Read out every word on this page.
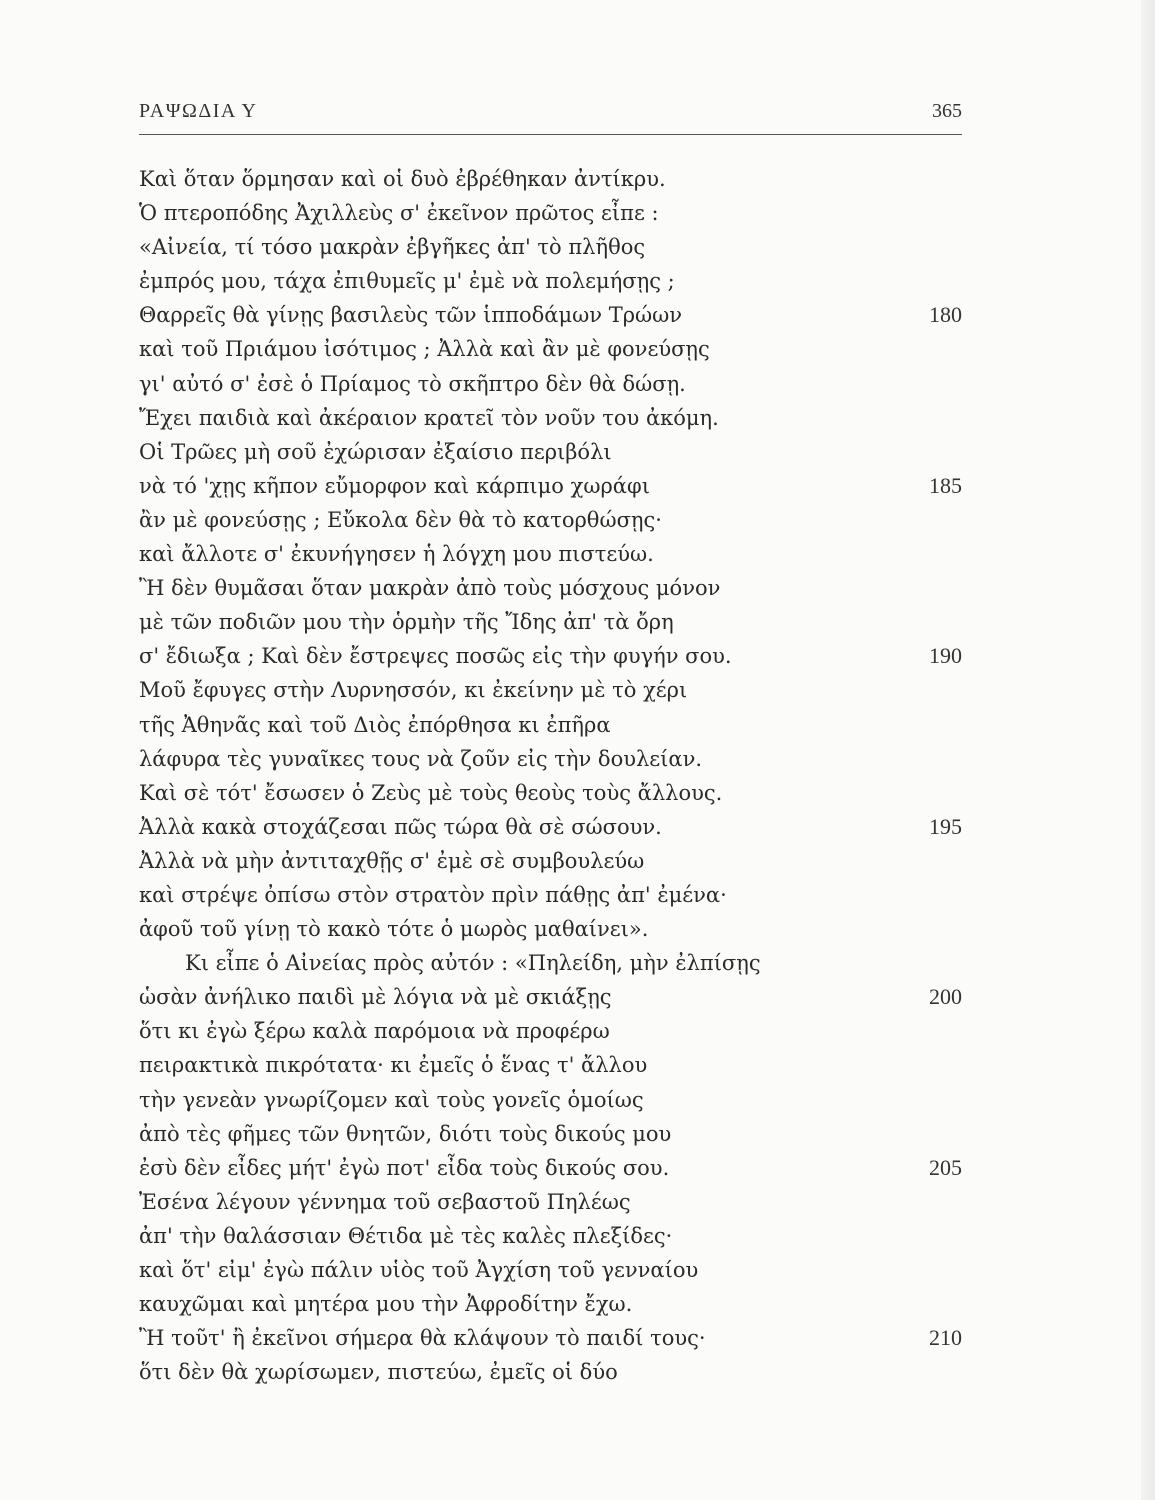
ΡΑΨΩΔΙΑ Υ	365
Καὶ ὅταν ὅρμησαν καὶ οἱ δυὸ ἐβρέθηκαν ἀντίκρυ.
Ὁ πτεροπόδης Ἀχιλλεὺς σ' ἐκεῖνον πρῶτος εἶπε :
«Αἰνεία, τί τόσο μακρὰν ἐβγῆκες ἀπ' τὸ πλῆθος
ἐμπρός μου, τάχα ἐπιθυμεῖς μ' ἐμὲ νὰ πολεμήσῃς ;
Θαρρεῖς θὰ γίνῃς βασιλεὺς τῶν ἱπποδάμων Τρώων	180
καὶ τοῦ Πριάμου ἰσότιμος ; Ἀλλὰ καὶ ἂν μὲ φονεύσῃς
γι' αὐτό σ' ἐσὲ ὁ Πρίαμος τὸ σκῆπτρο δὲν θὰ δώσῃ.
Ἔχει παιδιὰ καὶ ἀκέραιον κρατεῖ τὸν νοῦν του ἀκόμη.
Οἱ Τρῶες μὴ σοῦ ἐχώρισαν ἐξαίσιο περιβόλι
νὰ τό 'χῃς κῆπον εὔμορφον καὶ κάρπιμο χωράφι	185
ἂν μὲ φονεύσῃς ; Εὔκολα δὲν θὰ τὸ κατορθώσῃς·
καὶ ἄλλοτε σ' ἐκυνήγησεν ἡ λόγχη μου πιστεύω.
Ἢ δὲν θυμᾶσαι ὅταν μακρὰν ἀπὸ τοὺς μόσχους μόνον
μὲ τῶν ποδιῶν μου τὴν ὁρμὴν τῆς Ἴδης ἀπ' τὰ ὄρη
σ' ἔδιωξα ; Καὶ δὲν ἔστρεψες ποσῶς εἰς τὴν φυγήν σου.	190
Μοῦ ἔφυγες στὴν Λυρνησσόν, κι ἐκείνην μὲ τὸ χέρι
τῆς Ἀθηνᾶς καὶ τοῦ Διὸς ἐπόρθησα κι ἐπῆρα
λάφυρα τὲς γυναῖκες τους νὰ ζοῦν εἰς τὴν δουλείαν.
Καὶ σὲ τότ' ἔσωσεν ὁ Ζεὺς μὲ τοὺς θεοὺς τοὺς ἄλλους.
Ἀλλὰ κακὰ στοχάζεσαι πῶς τώρα θὰ σὲ σώσουν.	195
Ἀλλὰ νὰ μὴν ἀντιταχθῇς σ' ἐμὲ σὲ συμβουλεύω
καὶ στρέψε ὀπίσω στὸν στρατὸν πρὶν πάθῃς ἀπ' ἐμένα·
ἀφοῦ τοῦ γίνῃ τὸ κακὸ τότε ὁ μωρὸς μαθαίνει».
Κι εἶπε ὁ Αἰνείας πρὸς αὐτόν : «Πηλείδη, μὴν ἐλπίσῃς
ὡσὰν ἀνήλικο παιδὶ μὲ λόγια νὰ μὲ σκιάξῃς	200
ὅτι κι ἐγὼ ξέρω καλὰ παρόμοια νὰ προφέρω
πειρακτικὰ πικρότατα· κι ἐμεῖς ὁ ἕνας τ' ἄλλου
τὴν γενεὰν γνωρίζομεν καὶ τοὺς γονεῖς ὁμοίως
ἀπὸ τὲς φῆμες τῶν θνητῶν, διότι τοὺς δικούς μου
ἐσὺ δὲν εἶδες μήτ' ἐγὼ ποτ' εἶδα τοὺς δικούς σου.	205
Ἐσένα λέγουν γέννημα τοῦ σεβαστοῦ Πηλέως
ἀπ' τὴν θαλάσσιαν Θέτιδα μὲ τὲς καλὲς πλεξίδες·
καὶ ὅτ' εἰμ' ἐγὼ πάλιν υἱὸς τοῦ Ἀγχίση τοῦ γενναίου
καυχῶμαι καὶ μητέρα μου τὴν Ἀφροδίτην ἔχω.
Ἢ τοῦτ' ἢ ἐκεῖνοι σήμερα θὰ κλάψουν τὸ παιδί τους·	210
ὅτι δὲν θὰ χωρίσωμεν, πιστεύω, ἐμεῖς οἱ δύο
